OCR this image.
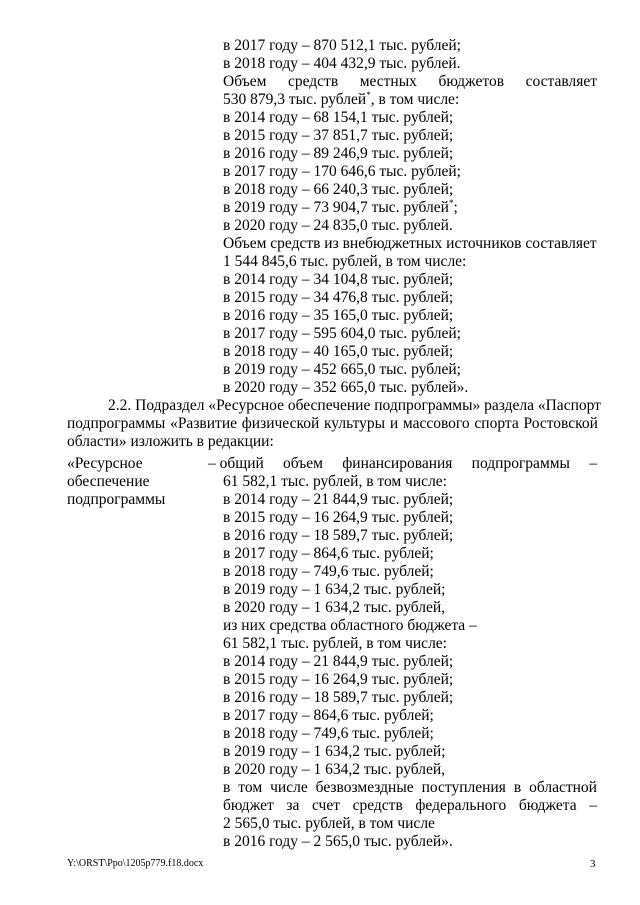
в 2017 году – 870 512,1 тыс. рублей;
в 2018 году – 404 432,9 тыс. рублей.
Объем средств местных бюджетов составляет
530 879,3 тыс. рублей*, в том числе:
в 2014 году – 68 154,1 тыс. рублей;
в 2015 году – 37 851,7 тыс. рублей;
в 2016 году – 89 246,9 тыс. рублей;
в 2017 году – 170 646,6 тыс. рублей;
в 2018 году – 66 240,3 тыс. рублей;
в 2019 году – 73 904,7 тыс. рублей*;
в 2020 году – 24 835,0 тыс. рублей.
Объем средств из внебюджетных источников составляет
1 544 845,6 тыс. рублей, в том числе:
в 2014 году – 34 104,8 тыс. рублей;
в 2015 году – 34 476,8 тыс. рублей;
в 2016 году – 35 165,0 тыс. рублей;
в 2017 году – 595 604,0 тыс. рублей;
в 2018 году – 40 165,0 тыс. рублей;
в 2019 году – 452 665,0 тыс. рублей;
в 2020 году – 352 665,0 тыс. рублей».
2.2. Подраздел «Ресурсное обеспечение подпрограммы» раздела «Паспорт
подпрограммы «Развитие физической культуры и массового спорта Ростовской
области» изложить в редакции:
«Ресурсное
обеспечение
подпрограммы
– общий объем финансирования подпрограммы –
61 582,1 тыс. рублей, в том числе:
в 2014 году – 21 844,9 тыс. рублей;
в 2015 году – 16 264,9 тыс. рублей;
в 2016 году – 18 589,7 тыс. рублей;
в 2017 году – 864,6 тыс. рублей;
в 2018 году – 749,6 тыс. рублей;
в 2019 году – 1 634,2 тыс. рублей;
в 2020 году – 1 634,2 тыс. рублей,
из них средства областного бюджета –
61 582,1 тыс. рублей, в том числе:
в 2014 году – 21 844,9 тыс. рублей;
в 2015 году – 16 264,9 тыс. рублей;
в 2016 году – 18 589,7 тыс. рублей;
в 2017 году – 864,6 тыс. рублей;
в 2018 году – 749,6 тыс. рублей;
в 2019 году – 1 634,2 тыс. рублей;
в 2020 году – 1 634,2 тыс. рублей,
в том числе безвозмездные поступления в областной
бюджет за счет средств федерального бюджета –
2 565,0 тыс. рублей, в том числе
в 2016 году – 2 565,0 тыс. рублей».
Y:\ORST\Ppo\1205p779.f18.docx	3
